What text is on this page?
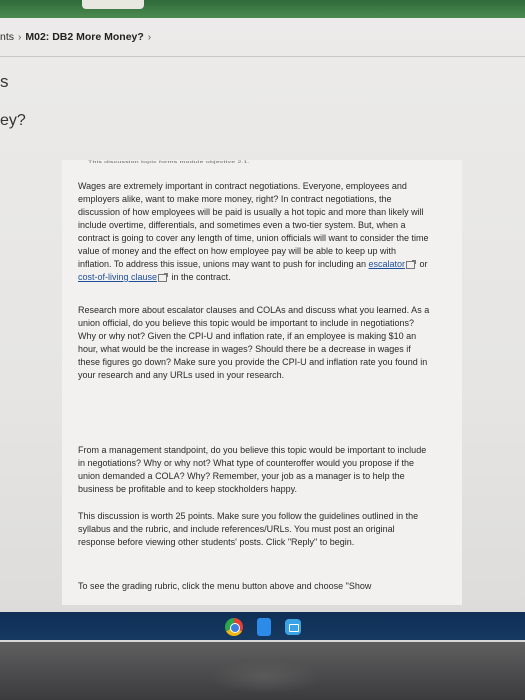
nts › M02: DB2 More Money? ›
s
ey?
This discussion topic forms module objective 2.1.

Wages are extremely important in contract negotiations. Everyone, employees and employers alike, want to make more money, right? In contract negotiations, the discussion of how employees will be paid is usually a hot topic and more than likely will include overtime, differentials, and sometimes even a two-tier system. But, when a contract is going to cover any length of time, union officials will want to consider the time value of money and the effect on how employee pay will be able to keep up with inflation. To address this issue, unions may want to push for including an escalator or cost-of-living clause in the contract.

Research more about escalator clauses and COLAs and discuss what you learned. As a union official, do you believe this topic would be important to include in negotiations? Why or why not? Given the CPI-U and inflation rate, if an employee is making $10 an hour, what would be the increase in wages? Should there be a decrease in wages if these figures go down? Make sure you provide the CPI-U and inflation rate you found in your research and any URLs used in your research.

From a management standpoint, do you believe this topic would be important to include in negotiations? Why or why not? What type of counteroffer would you propose if the union demanded a COLA? Why? Remember, your job as a manager is to help the business be profitable and to keep stockholders happy.

This discussion is worth 25 points. Make sure you follow the guidelines outlined in the syllabus and the rubric, and include references/URLs. You must post an original response before viewing other students' posts. Click "Reply" to begin.

To see the grading rubric, click the menu button above and choose "Show
